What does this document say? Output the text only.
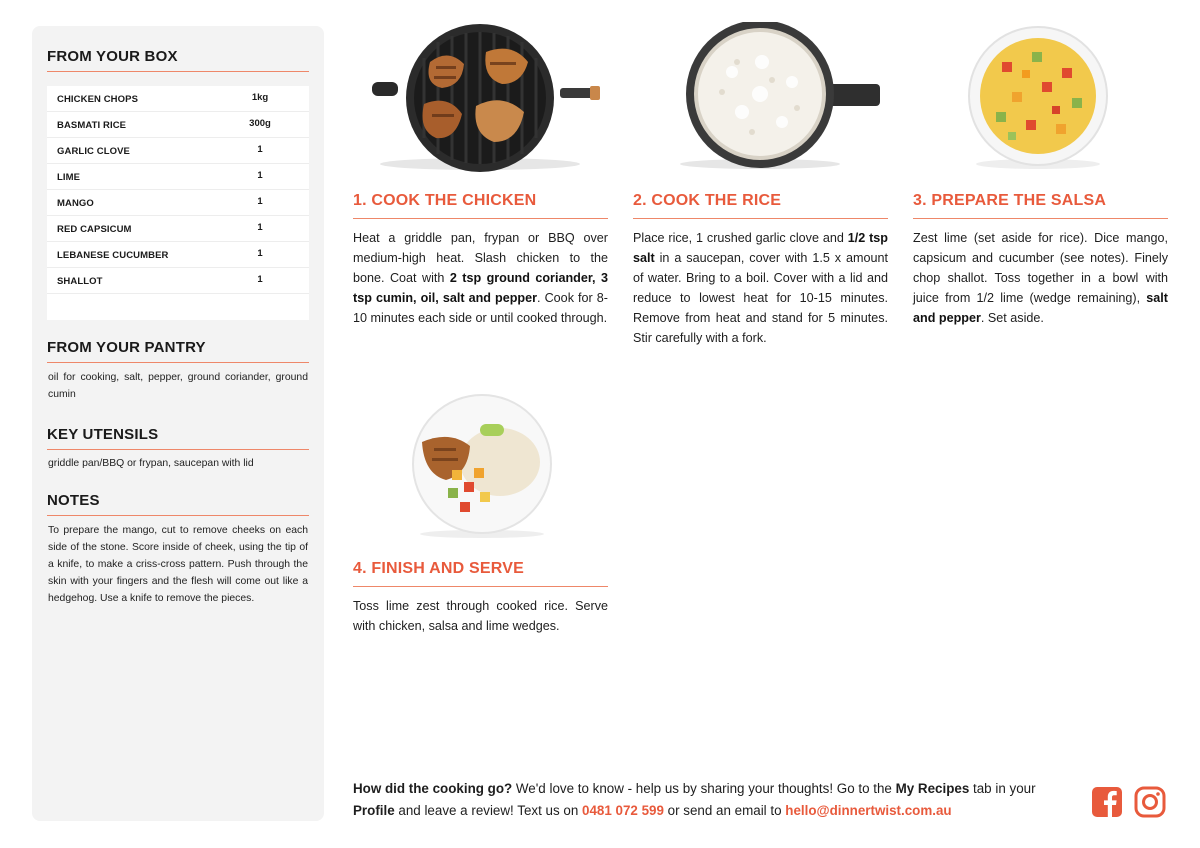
FROM YOUR BOX
CHICKEN CHOPS	1kg
BASMATI RICE	300g
GARLIC CLOVE	1
LIME	1
MANGO	1
RED CAPSICUM	1
LEBANESE CUCUMBER	1
SHALLOT	1
FROM YOUR PANTRY
oil for cooking, salt, pepper, ground coriander, ground cumin
KEY UTENSILS
griddle pan/BBQ or frypan, saucepan with lid
NOTES
To prepare the mango, cut to remove cheeks on each side of the stone. Score inside of cheek, using the tip of a knife, to make a criss-cross pattern. Push through the skin with your fingers and the flesh will come out like a hedgehog. Use a knife to remove the pieces.
1. COOK THE CHICKEN
Heat a griddle pan, frypan or BBQ over medium-high heat. Slash chicken to the bone. Coat with 2 tsp ground coriander, 3 tsp cumin, oil, salt and pepper. Cook for 8-10 minutes each side or until cooked through.
2. COOK THE RICE
Place rice, 1 crushed garlic clove and 1/2 tsp salt in a saucepan, cover with 1.5 x amount of water. Bring to a boil. Cover with a lid and reduce to lowest heat for 10-15 minutes. Remove from heat and stand for 5 minutes. Stir carefully with a fork.
3. PREPARE THE SALSA
Zest lime (set aside for rice). Dice mango, capsicum and cucumber (see notes). Finely chop shallot. Toss together in a bowl with juice from 1/2 lime (wedge remaining), salt and pepper. Set aside.
4. FINISH AND SERVE
Toss lime zest through cooked rice. Serve with chicken, salsa and lime wedges.
How did the cooking go? We'd love to know - help us by sharing your thoughts! Go to the My Recipes tab in your Profile and leave a review! Text us on 0481 072 599 or send an email to hello@dinnertwist.com.au
